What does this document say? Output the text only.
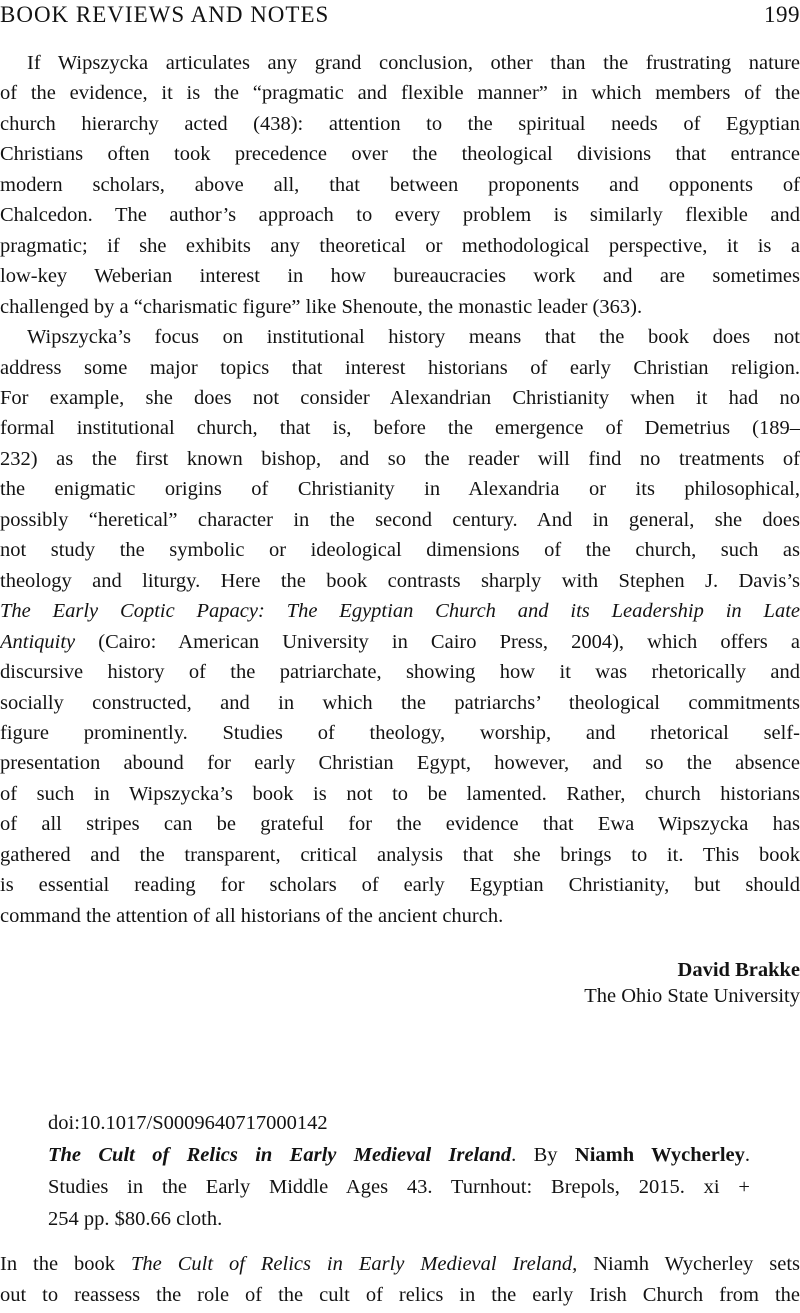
BOOK REVIEWS AND NOTES	199
If Wipszycka articulates any grand conclusion, other than the frustrating nature
of the evidence, it is the “pragmatic and flexible manner” in which members of the
church hierarchy acted (438): attention to the spiritual needs of Egyptian
Christians often took precedence over the theological divisions that entrance
modern scholars, above all, that between proponents and opponents of
Chalcedon. The author’s approach to every problem is similarly flexible and
pragmatic; if she exhibits any theoretical or methodological perspective, it is a
low-key Weberian interest in how bureaucracies work and are sometimes
challenged by a “charismatic figure” like Shenoute, the monastic leader (363).
Wipszycka’s focus on institutional history means that the book does not
address some major topics that interest historians of early Christian religion.
For example, she does not consider Alexandrian Christianity when it had no
formal institutional church, that is, before the emergence of Demetrius (189–
232) as the first known bishop, and so the reader will find no treatments of
the enigmatic origins of Christianity in Alexandria or its philosophical,
possibly “heretical” character in the second century. And in general, she does
not study the symbolic or ideological dimensions of the church, such as
theology and liturgy. Here the book contrasts sharply with Stephen J. Davis’s
The Early Coptic Papacy: The Egyptian Church and its Leadership in Late
Antiquity (Cairo: American University in Cairo Press, 2004), which offers a
discursive history of the patriarchate, showing how it was rhetorically and
socially constructed, and in which the patriarchs’ theological commitments
figure prominently. Studies of theology, worship, and rhetorical self-
presentation abound for early Christian Egypt, however, and so the absence
of such in Wipszycka’s book is not to be lamented. Rather, church historians
of all stripes can be grateful for the evidence that Ewa Wipszycka has
gathered and the transparent, critical analysis that she brings to it. This book
is essential reading for scholars of early Egyptian Christianity, but should
command the attention of all historians of the ancient church.
David Brakke
The Ohio State University
doi:10.1017/S0009640717000142
The Cult of Relics in Early Medieval Ireland. By Niamh Wycherley.
Studies in the Early Middle Ages 43. Turnhout: Brepols, 2015. xi +
254 pp. $80.66 cloth.
In the book The Cult of Relics in Early Medieval Ireland, Niamh Wycherley sets
out to reassess the role of the cult of relics in the early Irish Church from the
